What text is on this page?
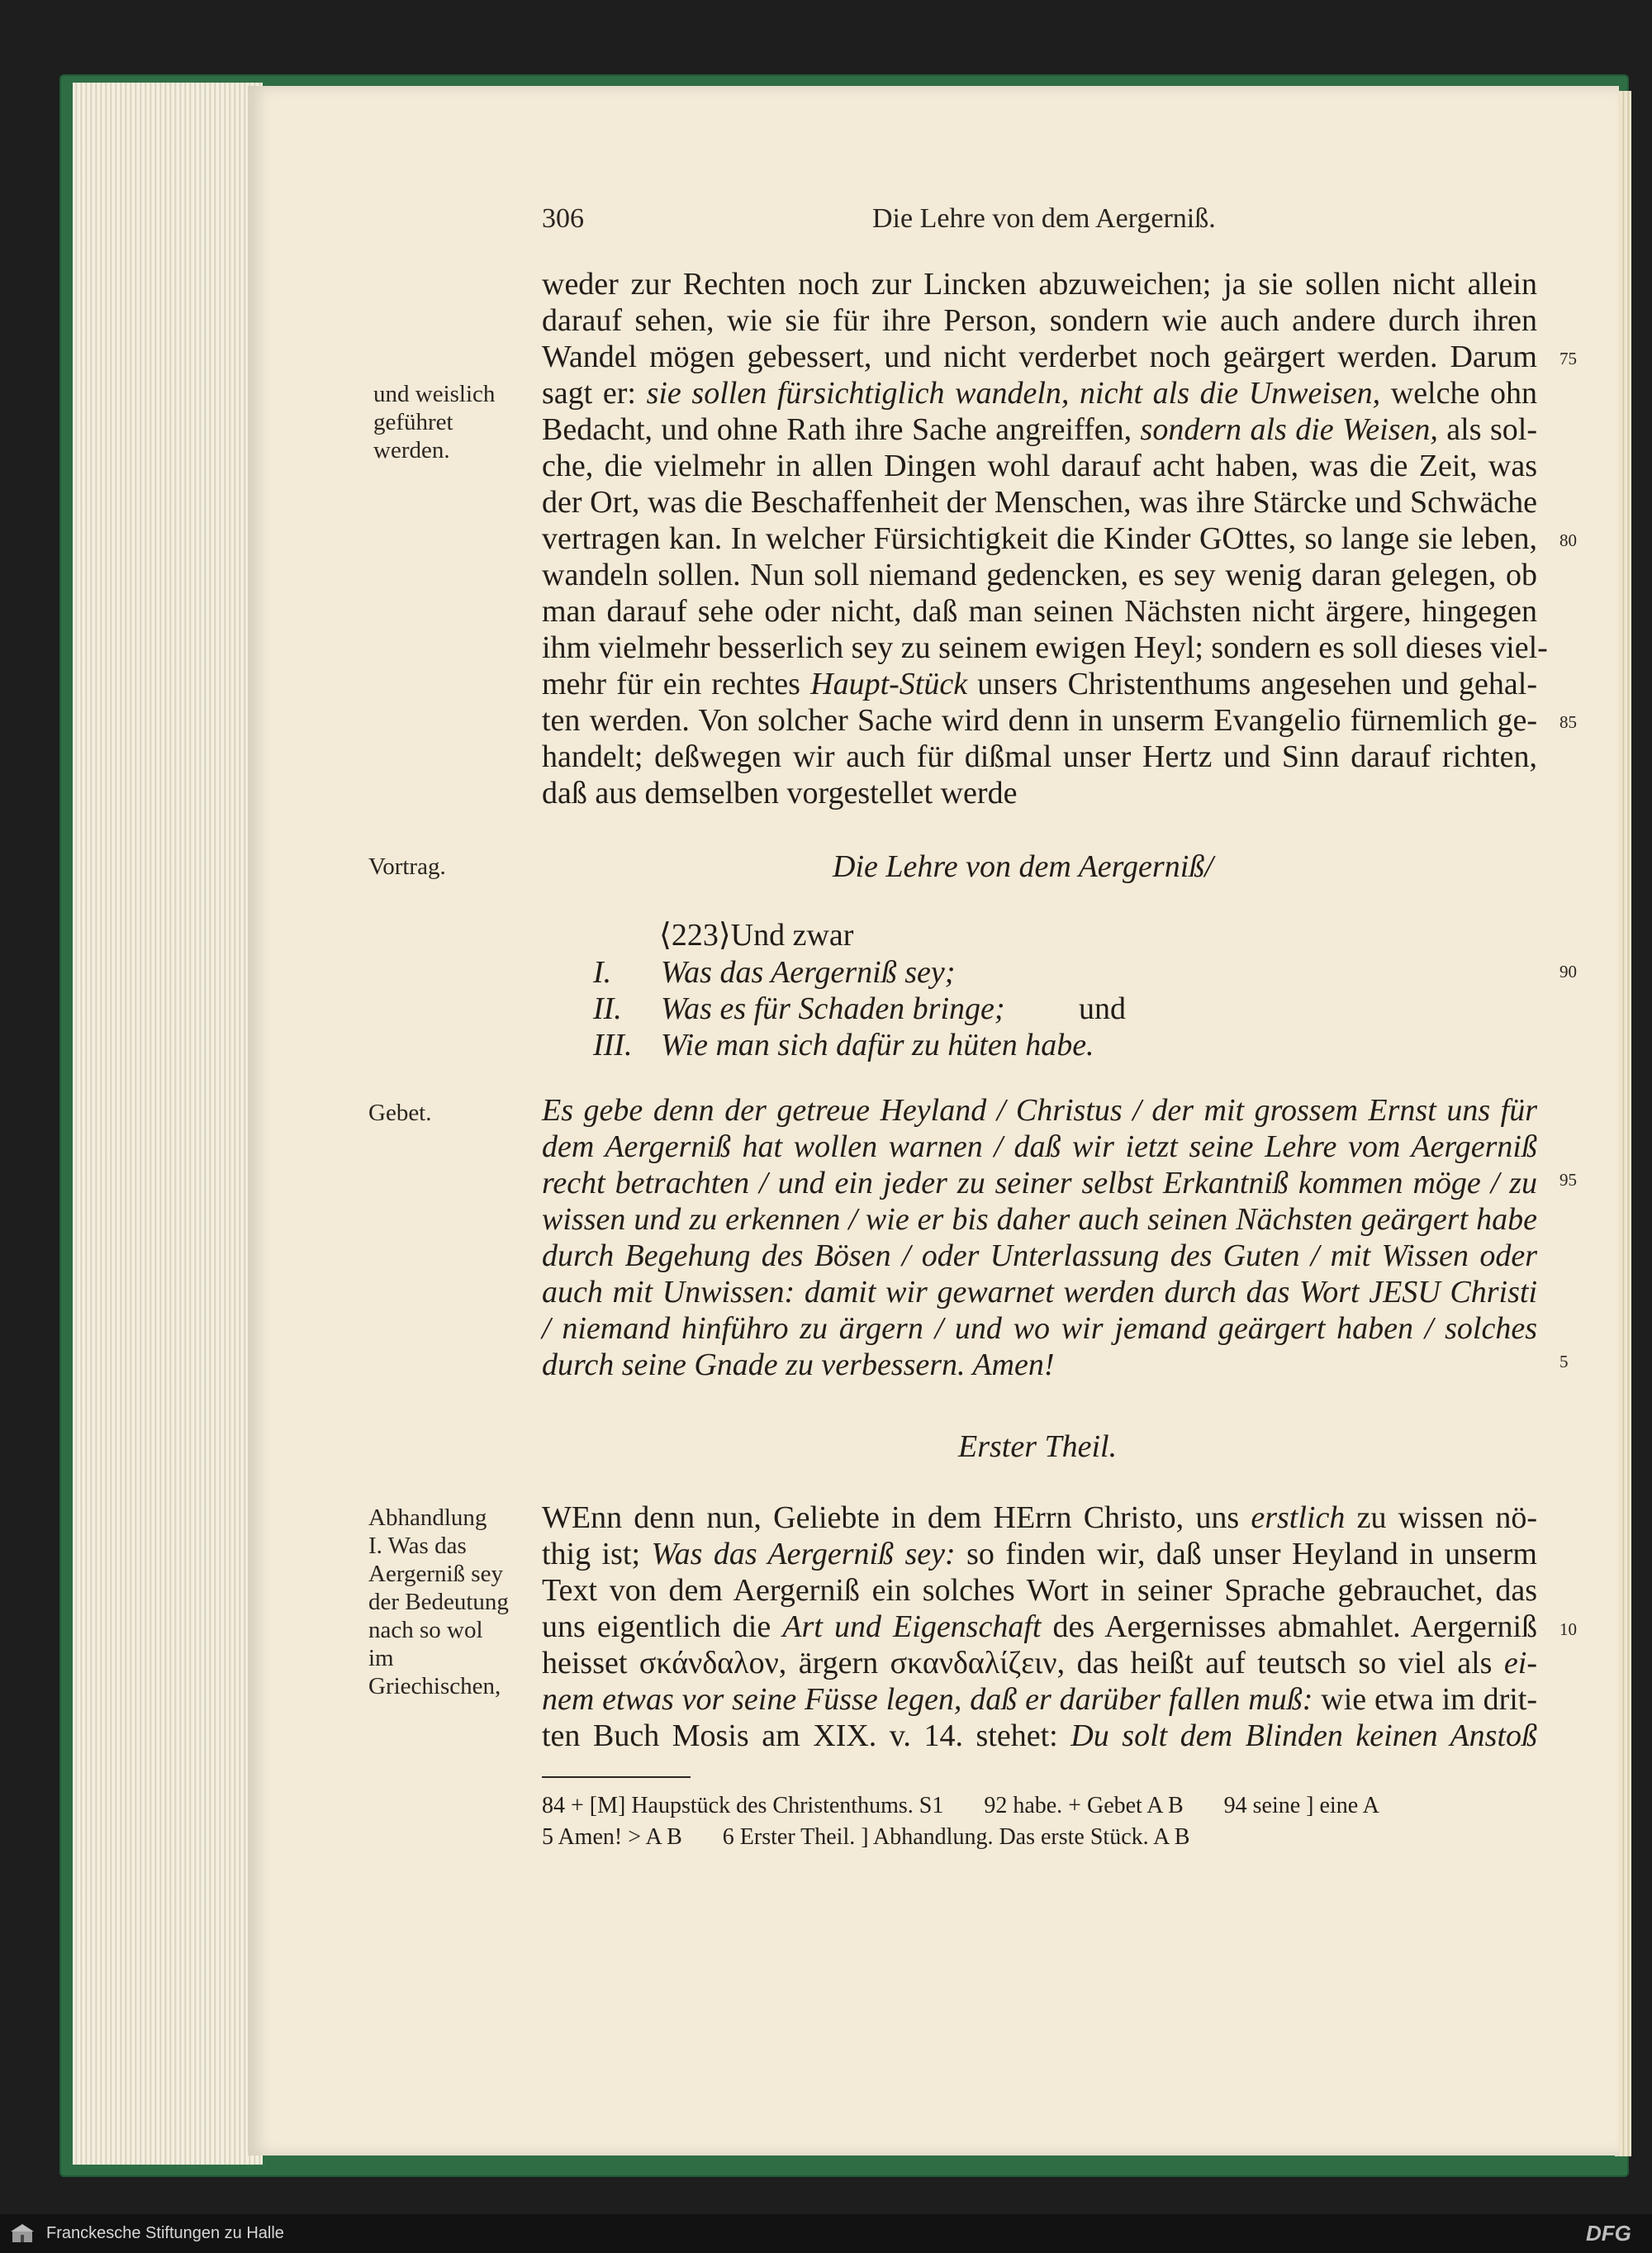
306	Die Lehre von dem Aergerniß.
weder zur Rechten noch zur Lincken abzuweichen; ja sie sollen nicht allein
darauf sehen, wie sie für ihre Person, sondern wie auch andere durch ihren
Wandel mögen gebessert, und nicht verderbet noch geärgert werden. Darum
sagt er: sie sollen fürsichtiglich wandeln, nicht als die Unweisen, welche ohn
Bedacht, und ohne Rath ihre Sache angreiffen, sondern als die Weisen, als sol-
che, die vielmehr in allen Dingen wohl darauf acht haben, was die Zeit, was
der Ort, was die Beschaffenheit der Menschen, was ihre Stärcke und Schwäche
vertragen kan. In welcher Fürsichtigkeit die Kinder GOttes, so lange sie leben,
wandeln sollen. Nun soll niemand gedencken, es sey wenig daran gelegen, ob
man darauf sehe oder nicht, daß man seinen Nächsten nicht ärgere, hingegen
ihm vielmehr besserlich sey zu seinem ewigen Heyl; sondern es soll dieses viel-
mehr für ein rechtes Haupt-Stück unsers Christenthums angesehen und gehal-
ten werden. Von solcher Sache wird denn in unserm Evangelio fürnemlich ge-
handelt; deßwegen wir auch für dißmal unser Hertz und Sinn darauf richten,
daß aus demselben vorgestellet werde
und weislich
geführet
werden.
Vortrag.
Gebet.
Abhandlung
I. Was das
Aergerniß sey
der Bedeutung
nach so wol
im
Griechischen,
Die Lehre von dem Aergerniß/
⟨223⟩Und zwar
I. Was das Aergerniß sey;
II. Was es für Schaden bringe; und
III. Wie man sich dafür zu hüten habe.
Es gebe denn der getreue Heyland / Christus / der mit grossem Ernst uns für
dem Aergerniß hat wollen warnen / daß wir ietzt seine Lehre vom Aergerniß
recht betrachten / und ein jeder zu seiner selbst Erkantniß kommen möge / zu
wissen und zu erkennen / wie er bis daher auch seinen Nächsten geärgert habe
durch Begehung des Bösen / oder Unterlassung des Guten / mit Wissen oder
auch mit Unwissen: damit wir gewarnet werden durch das Wort JESU Christi
/ niemand hinführo zu ärgern / und wo wir jemand geärgert haben / solches
durch seine Gnade zu verbessern. Amen!
Erster Theil.
WEnn denn nun, Geliebte in dem HErrn Christo, uns erstlich zu wissen nö-
thig ist; Was das Aergerniß sey: so finden wir, daß unser Heyland in unserm
Text von dem Aergerniß ein solches Wort in seiner Sprache gebrauchet, das
uns eigentlich die Art und Eigenschaft des Aergernisses abmahlet. Aergerniß
heisset σκάνδαλον, ärgern σκανδαλίζειν, das heißt auf teutsch so viel als ei-
nem etwas vor seine Füsse legen, daß er darüber fallen muß: wie etwa im drit-
ten Buch Mosis am XIX. v. 14. stehet: Du solt dem Blinden keinen Anstoß
75
80
85
90
95
5
10
84 + [M] Haupstück des Christenthums. S1       92 habe. + Gebet A B       94 seine ] eine A
5 Amen! > A B       6 Erster Theil. ] Abhandlung. Das erste Stück. A B
Franckesche Stiftungen zu Halle	DFG
